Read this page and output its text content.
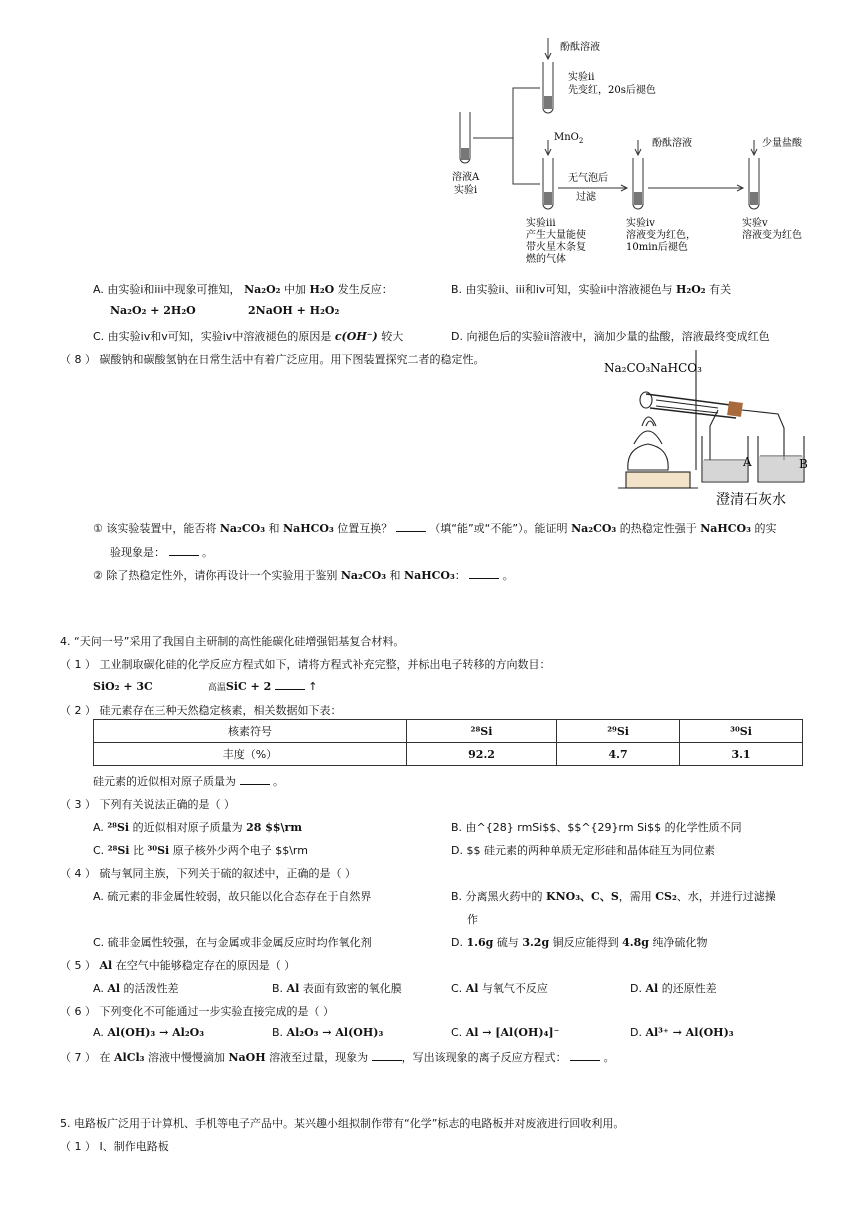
酚酞溶液
实验ii
先变红，20s后褪色
MnO$_2$	酚酞溶液	少量盐酸
溶液A
实验i
无气泡后
过滤
实验iii
产生大量能使
带火星木条复
燃的气体
实验iv
溶液变为红色，
10min后褪色
实验v
溶液变为红色
A. 由实验i和iii中现象可推知， Na₂O₂ 中加 H₂O 发生反应：
Na₂O₂ + 2H₂O	2NaOH + H₂O₂
B. 由实验ii、iii和iv可知，实验ii中溶液褪色与 H₂O₂ 有关
C. 由实验iv和v可知，实验iv中溶液褪色的原因是 c(OH⁻) 较大	D. 向褪色后的实验ii溶液中，滴加少量的盐酸，溶液最终变成红色
（ 8 ） 碳酸钠和碳酸氢钠在日常生活中有着广泛应用。用下图装置探究二者的稳定性。
Na₂CO₃ NaHCO₃
A	B
澄清石灰水
① 该实验装置中，能否将 Na₂CO₃ 和 NaHCO₃ 位置互换？	（填“能”或“不能”）。能证明 Na₂CO₃ 的热稳定性强于 NaHCO₃ 的实
验现象是：	。
② 除了热稳定性外，请你再设计一个实验用于鉴别 Na₂CO₃ 和 NaHCO₃：	。
4. “天问一号”采用了我国自主研制的高性能碳化硅增强铝基复合材料。
（ 1 ） 工业制取碳化硅的化学反应方程式如下，请将方程式补充完整，并标出电子转移的方向数目：
SiO₂ + 3C	高温SiC + 2	↑
（ 2 ） 硅元素存在三种天然稳定核素，相关数据如下表：
核素符号	²⁸Si	²⁹Si	³⁰Si
丰度（%）	92.2	4.7	3.1
硅元素的近似相对原子质量为	。
（ 3 ） 下列有关说法正确的是（ ）
A. ²⁸Si 的近似相对原子质量为 28 $$\rm	B. 由^{28} rmSi$$、$$^{29}rm Si$$ 的化学性质不同
C. ²⁸Si 比 ³⁰Si 原子核外少两个电子 $$\rm	D. $$ 硅元素的两种单质无定形硅和晶体硅互为同位素
（ 4 ） 硫与氧同主族，下列关于硫的叙述中，正确的是（ ）
A. 硫元素的非金属性较弱，故只能以化合态存在于自然界	B. 分离黑火药中的 KNO₃、C、S，需用 CS₂、水，并进行过滤操
作
C. 硫非金属性较强，在与金属或非金属反应时均作氧化剂	D. 1.6g 硫与 3.2g 铜反应能得到 4.8g 纯净硫化物
（ 5 ） Al 在空气中能够稳定存在的原因是（ ）
A. Al 的活泼性差	B. Al 表面有致密的氧化膜	C. Al 与氧气不反应	D. Al 的还原性差
（ 6 ） 下列变化不可能通过一步实验直接完成的是（ ）
A. Al(OH)₃ → Al₂O₃	B. Al₂O₃ → Al(OH)₃	C. Al → [Al(OH)₄]⁻	D. Al³⁺ → Al(OH)₃
（ 7 ） 在 AlCl₃ 溶液中慢慢滴加 NaOH 溶液至过量，现象为	，写出该现象的离子反应方程式：	。
5. 电路板广泛用于计算机、手机等电子产品中。某兴趣小组拟制作带有“化学”标志的电路板并对废液进行回收利用。
（ 1 ） Ⅰ、制作电路板
